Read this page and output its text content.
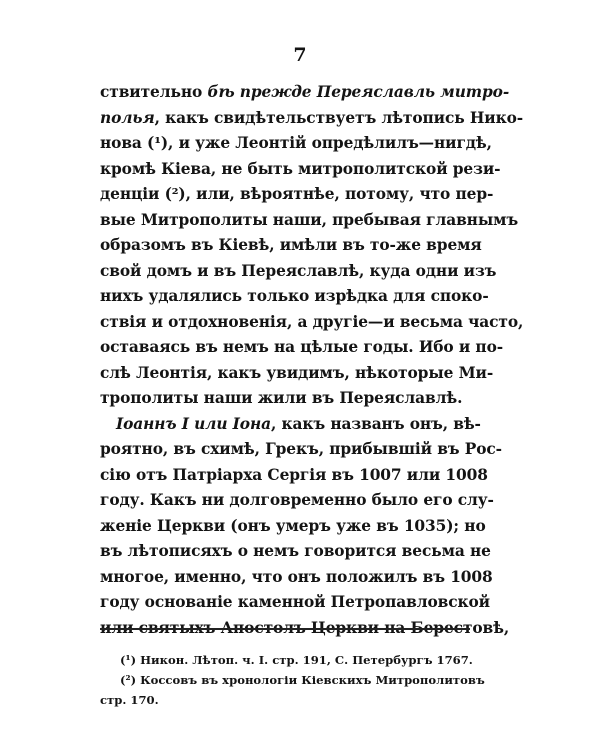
7
ствительно бѣ прежде Переяславль митро-
полья, какъ свидѣтельствуетъ лѣтопись Нико-
нова (¹), и уже Леонтій опредѣлилъ—нигдѣ,
кромѣ Кіева, не быть митрополитской рези-
денціи (²), или, вѣроятнѣе, потому, что пер-
вые Митрополиты наши, пребывая главнымъ
образомъ въ Кіевѣ, имѣли въ то-же время
свой домъ и въ Переяславлѣ, куда одни изъ
нихъ удалялись только изрѣдка для споко-
ствія и отдохновенія, а другіе—и весьма часто,
оставаясь въ немъ на цѣлые годы. Ибо и по-
слѣ Леонтія, какъ увидимъ, нѣкоторые Ми-
трополиты наши жили въ Переяславлѣ.
Іоаннъ I или Іона, какъ названъ онъ, вѣ-
роятно, въ схимѣ, Грекъ, прибывшій въ Рос-
сію отъ Патріарха Сергія въ 1007 или 1008
году. Какъ ни долговременно было его слу-
женіе Церкви (онъ умеръ уже въ 1035); но
въ лѣтописяхъ о немъ говорится весьма не
многое, именно, что онъ положилъ въ 1008
году основаніе каменной Петропавловской
или святыхъ Апостолъ Церкви на Берестовѣ,
(¹) Никон. Лѣтоп. ч. I. стр. 191, С. Петербургъ 1767.
(²) Коссовъ въ хронологіи Кіевскихъ Митрополитовъ
стр. 170.
